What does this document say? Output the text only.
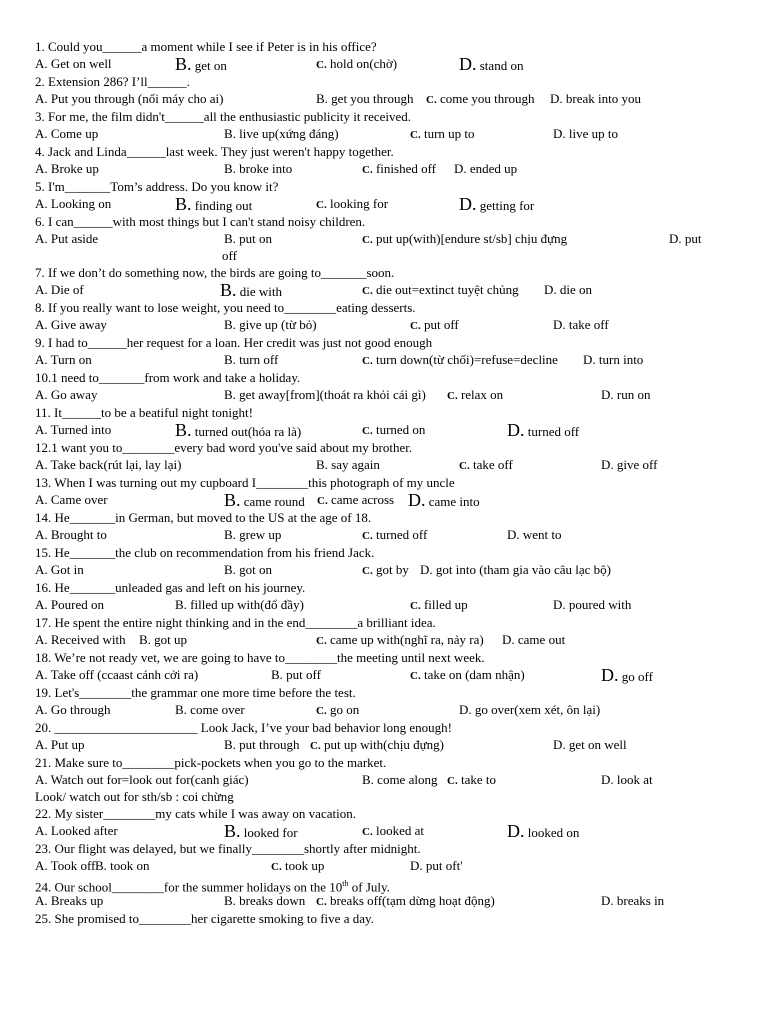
1. Could you______a moment while I see if Peter is in his office?
A. Get on well	B. get on	C. hold on(chờ)	D. stand on
2. Extension 286? I’ll______.
A. Put you through (nối máy cho ai)	B. get you through C. come you through D. break into you
3. For me, the film didn't______all the enthusiastic publicity it received.
A. Come up	B. live up(xứng đáng)	C. turn up to	D. live up to
4. Jack and Linda______last week. They just weren't happy together.
A. Broke up	B. broke into	C. finished off D. ended up
5. I'm_______Tom’s address. Do you know it?
A. Looking on	B. finding out	C. looking for	D. getting for
6. I can______with most things but I can't stand noisy children.
A. Put aside	B. put on	C. put up(with)[endure st/sb] chịu đựng	D. put
off
7. If we don’t do something now, the birds are going to_______soon.
A. Die of	B. die with	C. die out=extinct tuyệt chủng D. die on
8. If you really want to lose weight, you need to________eating desserts.
A. Give away	B. give up (từ bỏ)	C. put off	D. take off
9. I had to______her request for a loan. Her credit was just not good enough
A. Turn on	B. turn off	C. turn down(từ chối)=refuse=decline D. turn into
10.1 need to_______from work and take a holiday.
A. Go away	B. get away[from](thoát ra khỏi cái gì) C. relax on	D. run on
11. It______to be a beatiful night tonight!
A. Turned into	B. turned out(hóa ra là)	C. turned on	D. turned off
12.1 want you to________every bad word you've said about my brother.
A. Take back(rút lại, lay lại)	B. say again	C. take off	D. give off
13. When I was turning out my cupboard I________this photograph of my uncle
A. Came over	B. came round C. came across D. came into
14. He_______in German, but moved to the US at the age of 18.
A. Brought to	B. grew up	C. turned off	D. went to
15. He_______the club on recommendation from his friend Jack.
A. Got in	B. got on	C. got by D. got into (tham gia vào câu lạc bộ)
16. He_______unleaded gas and left on his journey.
A. Poured on	B. filled up with(đổ đầy)	C. filled up	D. poured with
17. He spent the entire night thinking and in the end________a brilliant idea.
A. Received with B. got up	C. came up with(nghĩ ra, nảy ra) D. came out
18. We’re not ready vet, we are going to have to________the meeting until next week.
A. Take off (ccaast cánh cởi ra)	B. put off	C. take on (dam nhận)	D. go off
19. Let's________the grammar one more time before the test.
A. Go through	B. come over	C. go on	D. go over(xem xét, ôn lại)
20. ______________________ Look Jack, I’ve your bad behavior long enough!
A. Put up	B. put through C. put up with(chịu đựng)	D. get on well
21. Make sure to________pick-pockets when you go to the market.
A. Watch out for=look out for(canh giác)	B. come along C. take to	D. look at
Look/ watch out for sth/sb : coi chừng
22. My sister________my cats while I was away on vacation.
A. Looked after	B. looked for	C. looked at	D. looked on
23. Our flight was delayed, but we finally________shortly after midnight.
A. Took off B. took on	C. took up	D. put oft'
24. Our school________for the summer holidays on the 10th of July.
A. Breaks up	B. breaks down C. breaks off(tạm dừng hoạt động)	D. breaks in
25. She promised to________her cigarette smoking to five a day.
